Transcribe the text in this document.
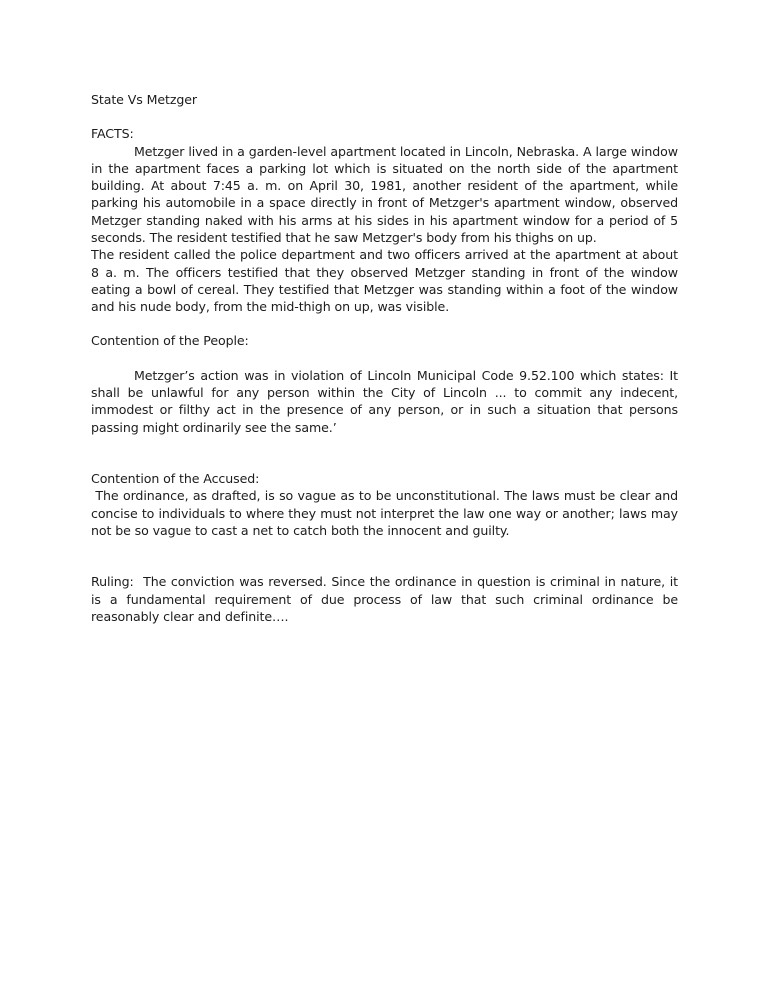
State Vs Metzger

FACTS:

Metzger lived in a garden-level apartment located in Lincoln, Nebraska. A large window in the apartment faces a parking lot which is situated on the north side of the apartment building. At about 7:45 a. m. on April 30, 1981, another resident of the apartment, while parking his automobile in a space directly in front of Metzger's apartment window, observed Metzger standing naked with his arms at his sides in his apartment window for a period of 5 seconds. The resident testified that he saw Metzger's body from his thighs on up.

The resident called the police department and two officers arrived at the apartment at about 8 a. m. The officers testified that they observed Metzger standing in front of the window eating a bowl of cereal. They testified that Metzger was standing within a foot of the window and his nude body, from the mid-thigh on up, was visible.

Contention of the People:

Metzger’s action was in violation of Lincoln Municipal Code 9.52.100 which states: It shall be unlawful for any person within the City of Lincoln ... to commit any indecent, immodest or filthy act in the presence of any person, or in such a situation that persons passing might ordinarily see the same.’

Contention of the Accused:

The ordinance, as drafted, is so vague as to be unconstitutional. The laws must be clear and concise to individuals to where they must not interpret the law one way or another; laws may not be so vague to cast a net to catch both the innocent and guilty.

Ruling:  The conviction was reversed. Since the ordinance in question is criminal in nature, it is a fundamental requirement of due process of law that such criminal ordinance be reasonably clear and definite….
